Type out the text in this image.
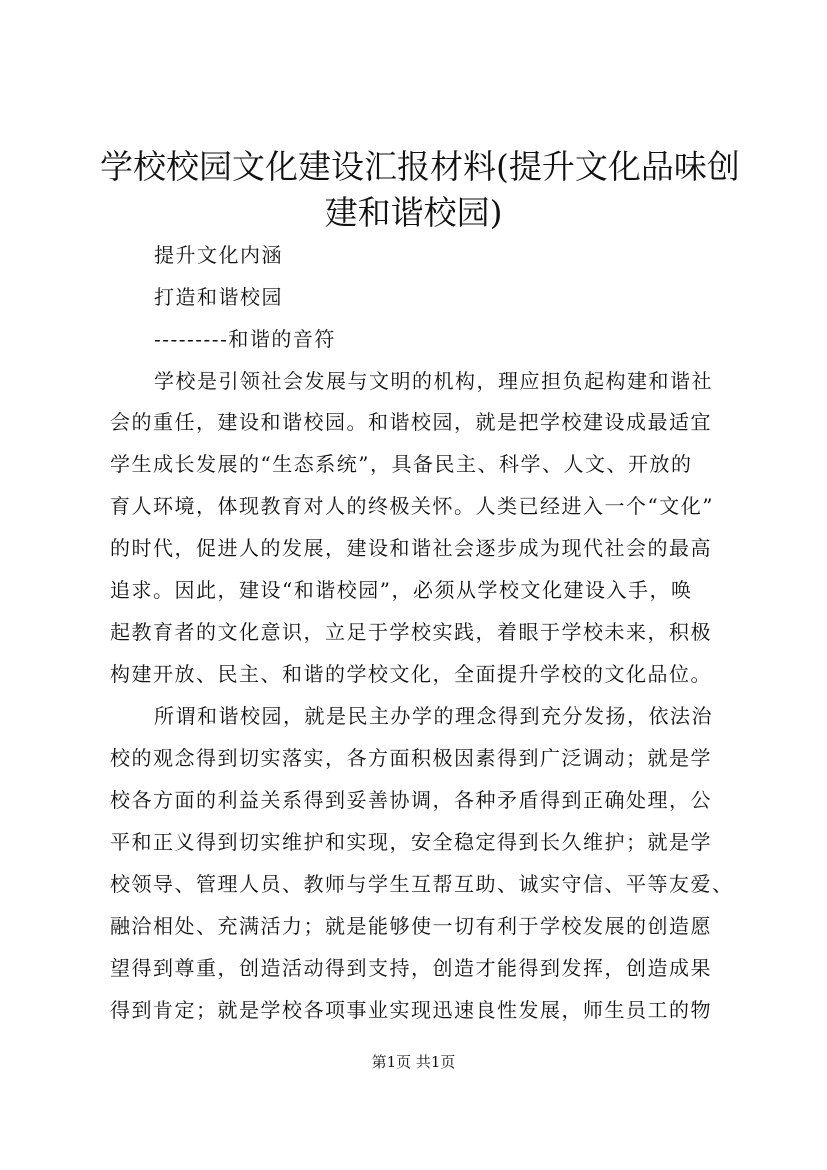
学校校园文化建设汇报材料(提升文化品味创
建和谐校园)
提升文化内涵
打造和谐校园
---------和谐的音符
学校是引领社会发展与文明的机构，理应担负起构建和谐社
会的重任，建设和谐校园。和谐校园，就是把学校建设成最适宜
学生成长发展的“生态系统”，具备民主、科学、人文、开放的
育人环境，体现教育对人的终极关怀。人类已经进入一个“文化”
的时代，促进人的发展，建设和谐社会逐步成为现代社会的最高
追求。因此，建设“和谐校园”，必须从学校文化建设入手，唤
起教育者的文化意识，立足于学校实践，着眼于学校未来，积极
构建开放、民主、和谐的学校文化，全面提升学校的文化品位。
所谓和谐校园，就是民主办学的理念得到充分发扬，依法治
校的观念得到切实落实，各方面积极因素得到广泛调动；就是学
校各方面的利益关系得到妥善协调，各种矛盾得到正确处理，公
平和正义得到切实维护和实现，安全稳定得到长久维护；就是学
校领导、管理人员、教师与学生互帮互助、诚实守信、平等友爱、
融洽相处、充满活力；就是能够使一切有利于学校发展的创造愿
望得到尊重，创造活动得到支持，创造才能得到发挥，创造成果
得到肯定；就是学校各项事业实现迅速良性发展，师生员工的物
第1页 共1页
